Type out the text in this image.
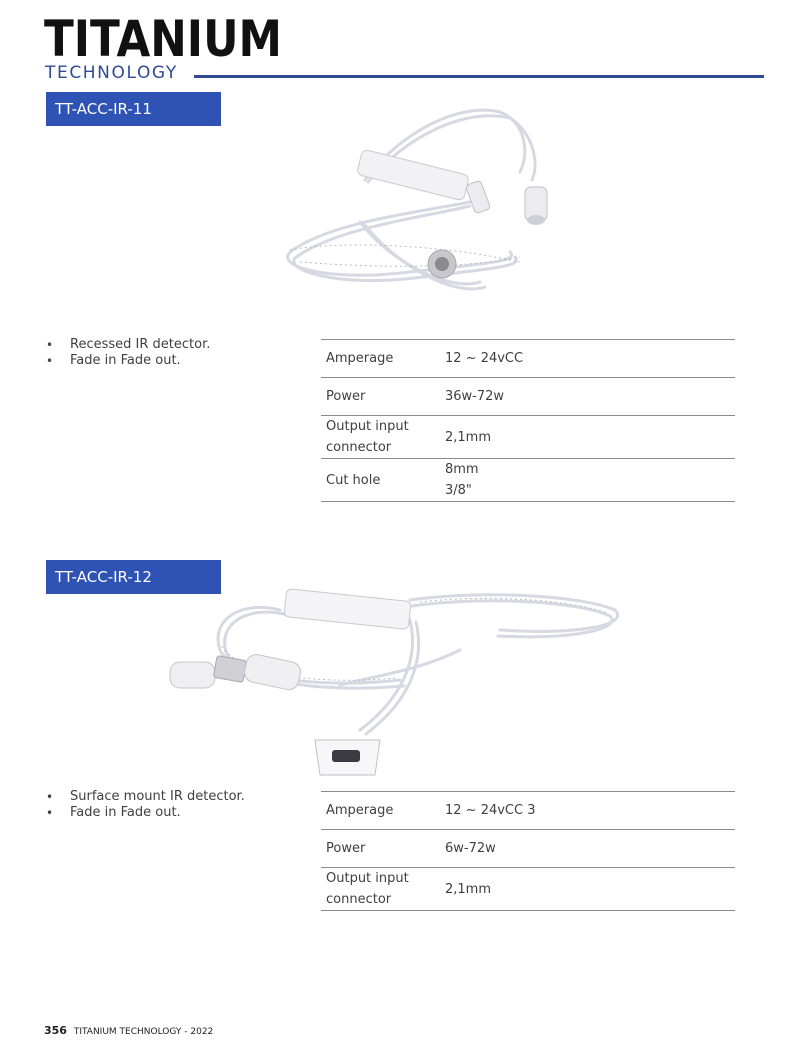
TITANIUM
TECHNOLOGY
TT-ACC-IR-11
• Recessed IR detector.
• Fade in Fade out.	Amperage	12 ~ 24vCC
Power	36w-72w
Output input connector	2,1mm
Cut hole	8mm
3/8"
TT-ACC-IR-12
• Surface mount IR detector.
• Fade in Fade out.	Amperage	12 ~ 24vCC 3
Power	6w-72w
Output input connector	2,1mm
356 TITANIUM TECHNOLOGY - 2022
